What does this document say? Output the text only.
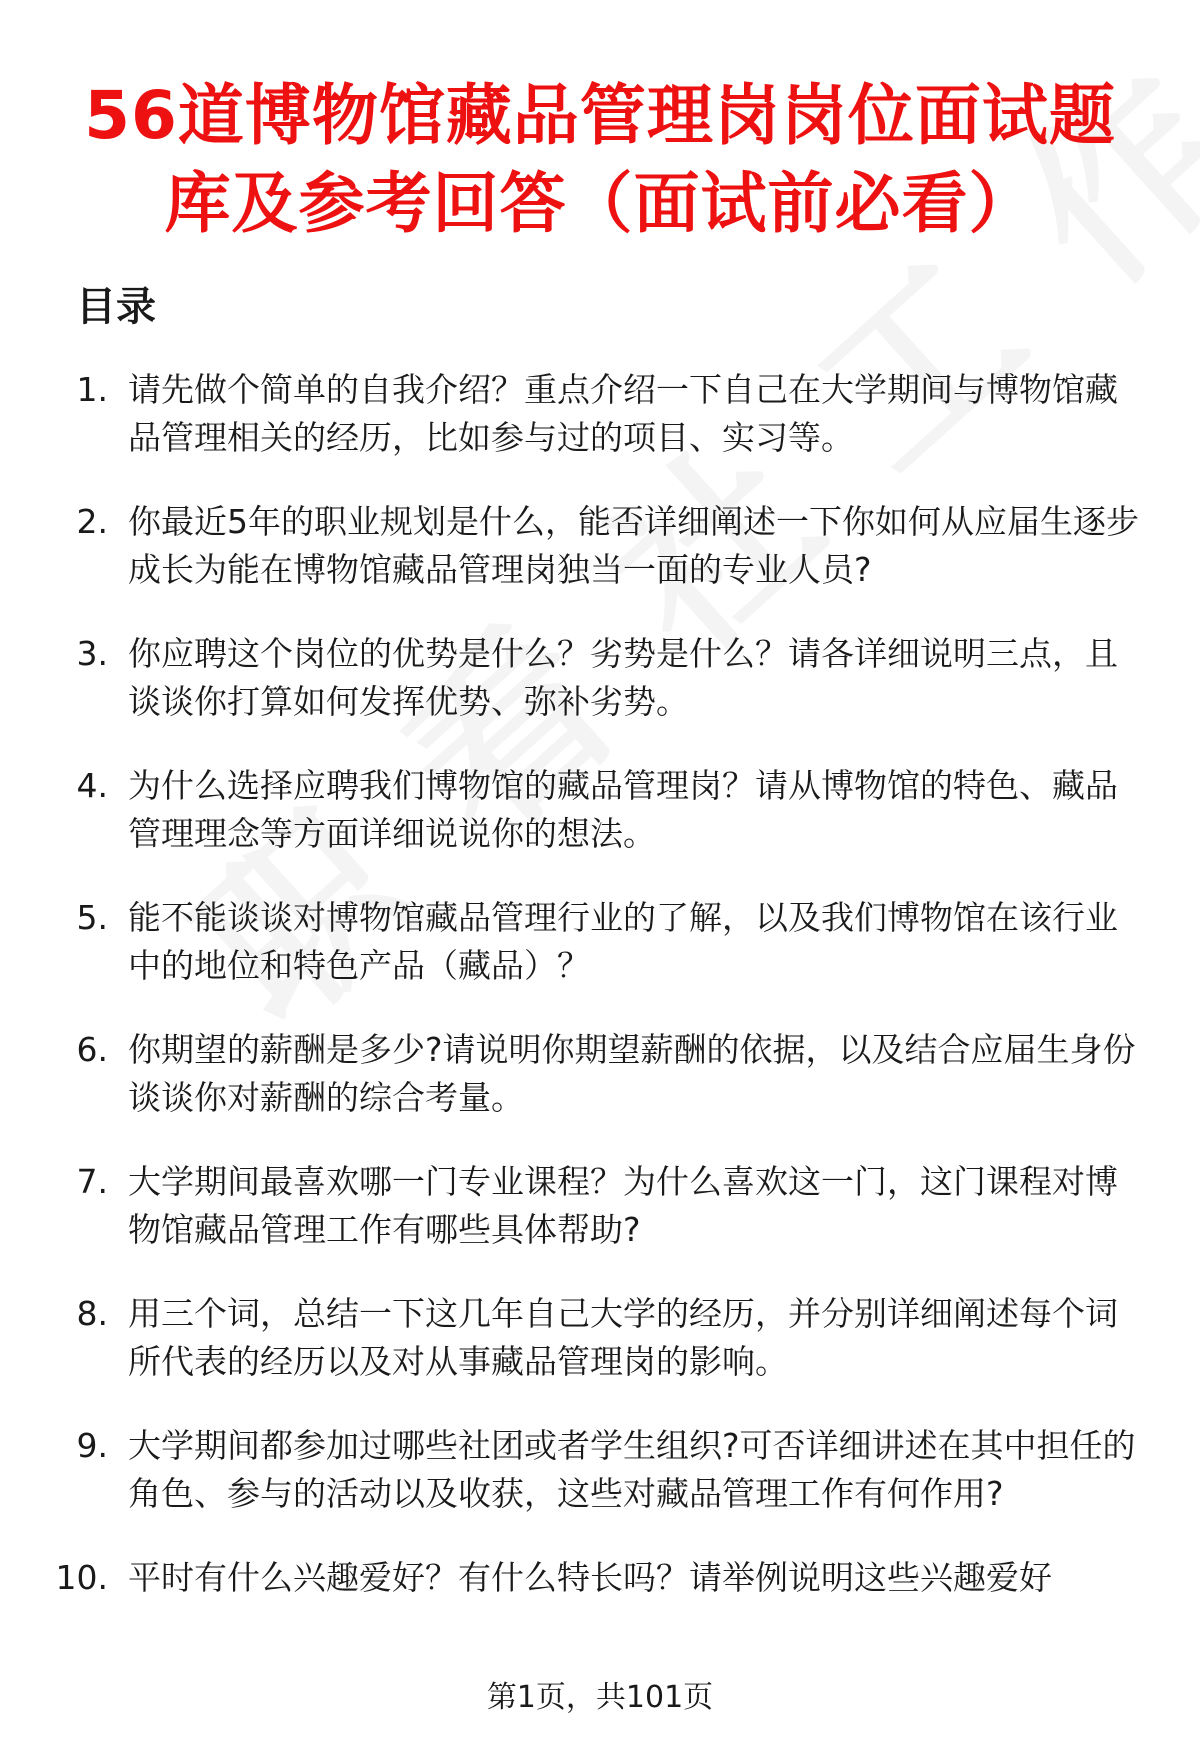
56道博物馆藏品管理岗岗位面试题
库及参考回答（面试前必看）
目录
1. 请先做个简单的自我介绍？重点介绍一下自己在大学期间与博物馆藏品管理相关的经历，比如参与过的项目、实习等。
2. 你最近5年的职业规划是什么，能否详细阐述一下你如何从应届生逐步成长为能在博物馆藏品管理岗独当一面的专业人员?
3. 你应聘这个岗位的优势是什么？劣势是什么？请各详细说明三点，且谈谈你打算如何发挥优势、弥补劣势。
4. 为什么选择应聘我们博物馆的藏品管理岗？请从博物馆的特色、藏品管理理念等方面详细说说你的想法。
5. 能不能谈谈对博物馆藏品管理行业的了解，以及我们博物馆在该行业中的地位和特色产品（藏品）？
6. 你期望的薪酬是多少?请说明你期望薪酬的依据，以及结合应届生身份谈谈你对薪酬的综合考量。
7. 大学期间最喜欢哪一门专业课程？为什么喜欢这一门，这门课程对博物馆藏品管理工作有哪些具体帮助?
8. 用三个词，总结一下这几年自己大学的经历，并分别详细阐述每个词所代表的经历以及对从事藏品管理岗的影响。
9. 大学期间都参加过哪些社团或者学生组织?可否详细讲述在其中担任的角色、参与的活动以及收获，这些对藏品管理工作有何作用?
10. 平时有什么兴趣爱好？有什么特长吗？请举例说明这些兴趣爱好
第1页，共101页
